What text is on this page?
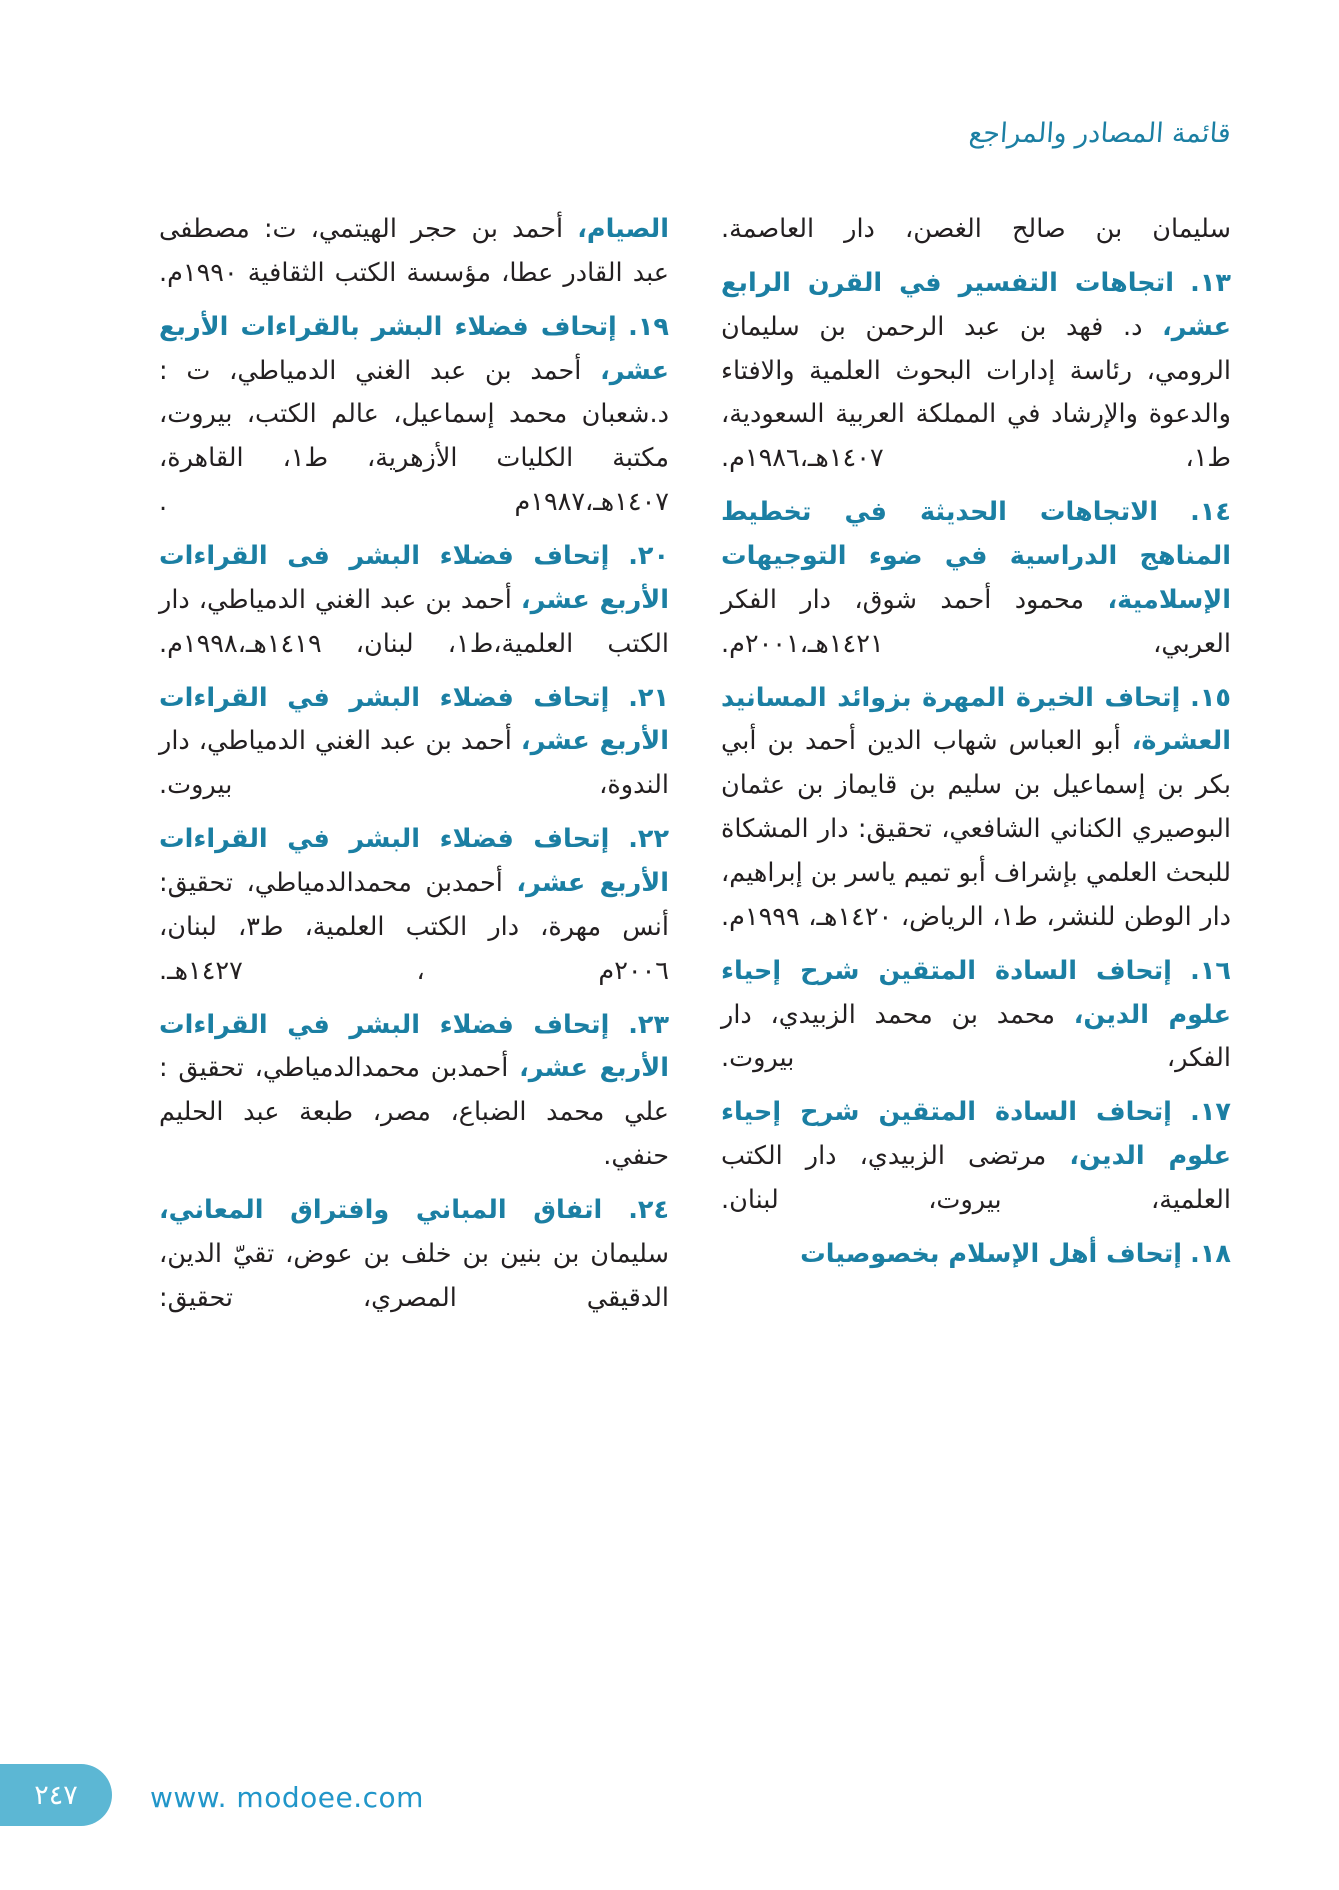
قائمة المصادر والمراجع
سليمان بن صالح الغصن، دار العاصمة.
١٣. اتجاهات التفسير في القرن الرابع عشر، د. فهد بن عبد الرحمن بن سليمان الرومي، رئاسة إدارات البحوث العلمية والافتاء والدعوة والإرشاد في المملكة العربية السعودية، ط١، ١٤٠٧هـ،١٩٨٦م.
١٤. الاتجاهات الحديثة في تخطيط المناهج الدراسية في ضوء التوجيهات الإسلامية، محمود أحمد شوق، دار الفكر العربي، ١٤٢١هـ،٢٠٠١م.
١٥. إتحاف الخيرة المهرة بزوائد المسانيد العشرة، أبو العباس شهاب الدين أحمد بن أبي بكر بن إسماعيل بن سليم بن قايماز بن عثمان البوصيري الكناني الشافعي، تحقيق: دار المشكاة للبحث العلمي بإشراف أبو تميم ياسر بن إبراهيم، دار الوطن للنشر، ط١، الرياض، ١٤٢٠هـ، ١٩٩٩م.
١٦. إتحاف السادة المتقين شرح إحياء علوم الدين، محمد بن محمد الزبيدي، دار الفكر، بيروت.
١٧. إتحاف السادة المتقين شرح إحياء علوم الدين، مرتضى الزبيدي، دار الكتب العلمية، بيروت، لبنان.
١٨. إتحاف أهل الإسلام بخصوصيات
الصيام، أحمد بن حجر الهيتمي، ت: مصطفى عبد القادر عطا، مؤسسة الكتب الثقافية ١٩٩٠م.
١٩. إتحاف فضلاء البشر بالقراءات الأربع عشر، أحمد بن عبد الغني الدمياطي، ت : د.شعبان محمد إسماعيل، عالم الكتب، بيروت، مكتبة الكليات الأزهرية، ط١، القاهرة، ١٤٠٧هـ،١٩٨٧م .
٢٠. إتحاف فضلاء البشر فى القراءات الأربع عشر، أحمد بن عبد الغني الدمياطي، دار الكتب العلمية،ط١، لبنان، ١٤١٩هـ،١٩٩٨م.
٢١. إتحاف فضلاء البشر في القراءات الأربع عشر، أحمد بن عبد الغني الدمياطي، دار الندوة، بيروت.
٢٢. إتحاف فضلاء البشر في القراءات الأربع عشر، أحمدبن محمدالدمياطي، تحقيق: أنس مهرة، دار الكتب العلمية، ط٣، لبنان، ٢٠٠٦م ، ١٤٢٧هـ.
٢٣. إتحاف فضلاء البشر في القراءات الأربع عشر، أحمدبن محمدالدمياطي، تحقيق : علي محمد الضباع، مصر، طبعة عبد الحليم حنفي.
٢٤. اتفاق المباني وافتراق المعاني، سليمان بن بنين بن خلف بن عوض، تقيّ الدين، الدقيقي المصري، تحقيق:
٢٤٧	www. modoee.com
